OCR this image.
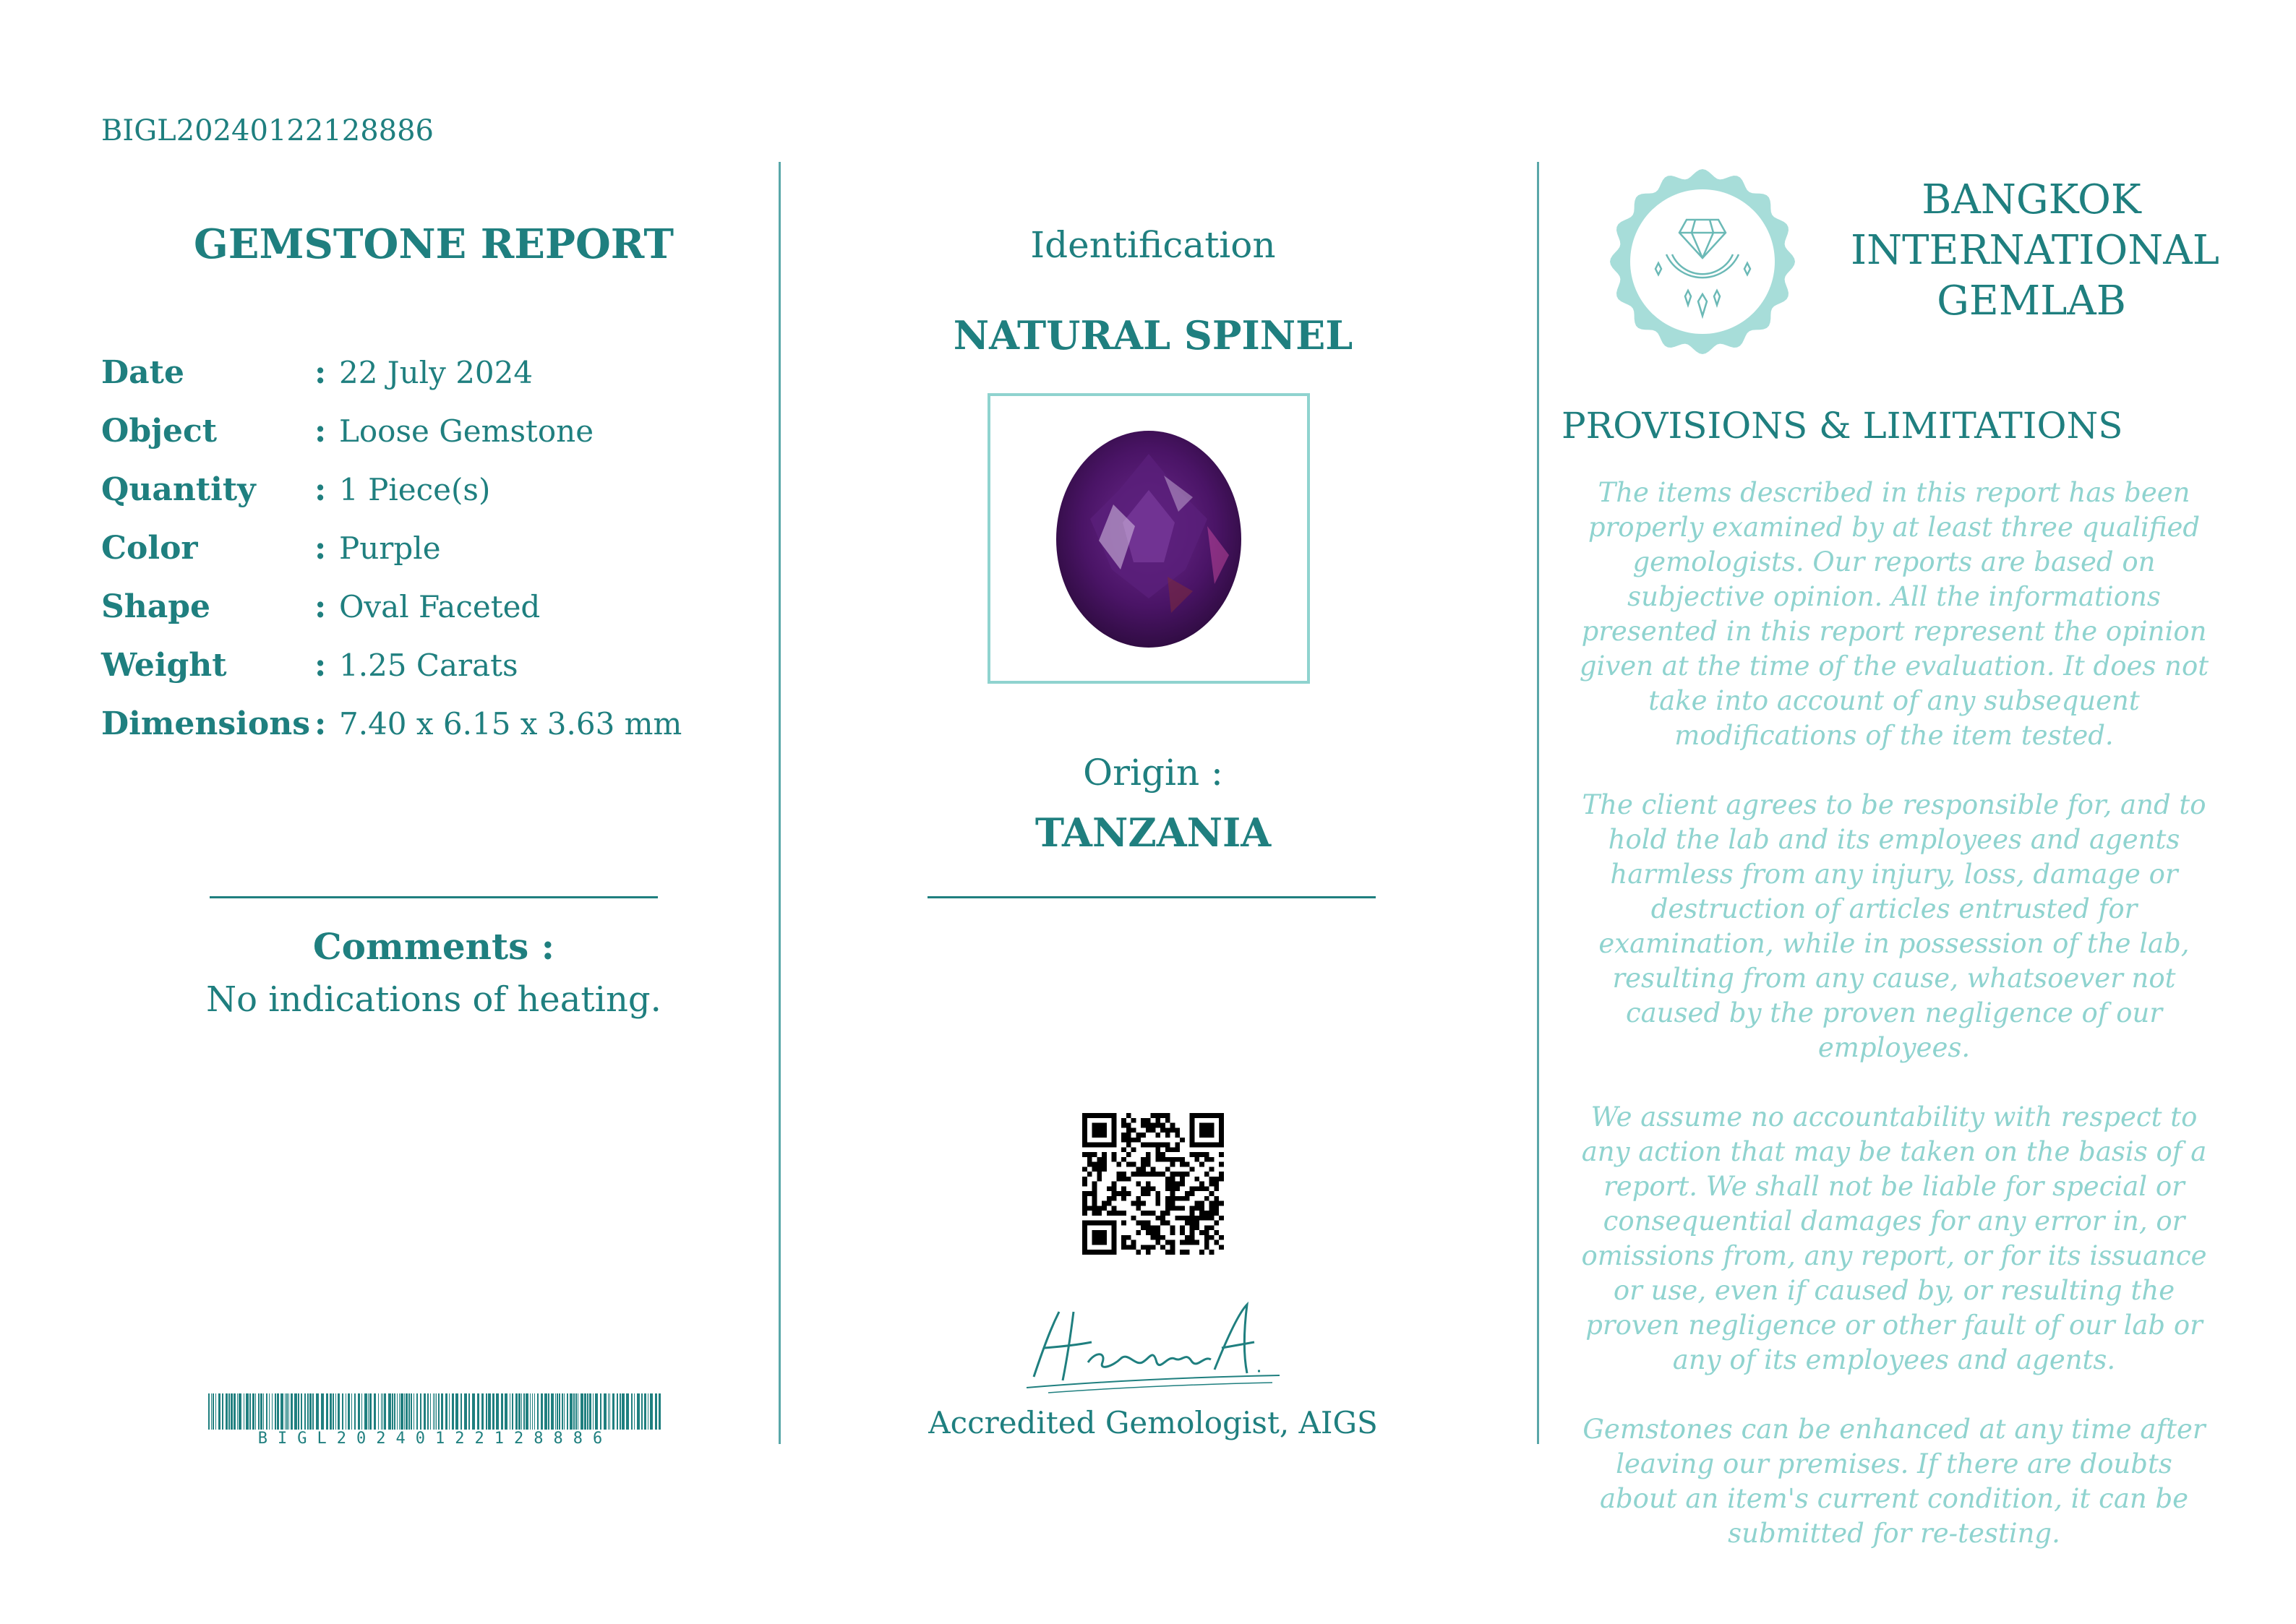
BIGL20240122128886
GEMSTONE REPORT
Date	: 22 July 2024
Object	: Loose Gemstone
Quantity	: 1 Piece(s)
Color	: Purple
Shape	: Oval Faceted
Weight	: 1.25 Carats
Dimensions : 7.40 x 6.15 x 3.63 mm
Comments :
No indications of heating.
BIGL20240122128886
Identification
NATURAL SPINEL
Origin :
TANZANIA
Accredited Gemologist, AIGS
BANGKOK
INTERNATIONAL
GEMLAB
PROVISIONS & LIMITATIONS

The items described in this report has been properly examined by at least three qualified gemologists. Our reports are based on subjective opinion. All the informations presented in this report represent the opinion given at the time of the evaluation. It does not take into account of any subsequent modifications of the item tested.

The client agrees to be responsible for, and to hold the lab and its employees and agents harmless from any injury, loss, damage or destruction of articles entrusted for examination, while in possession of the lab, resulting from any cause, whatsoever not caused by the proven negligence of our employees.

We assume no accountability with respect to any action that may be taken on the basis of a report. We shall not be liable for special or consequential damages for any error in, or omissions from, any report, or for its issuance or use, even if caused by, or resulting the proven negligence or other fault of our lab or any of its employees and agents.

Gemstones can be enhanced at any time after leaving our premises. If there are doubts about an item's current condition, it can be submitted for re-testing.
